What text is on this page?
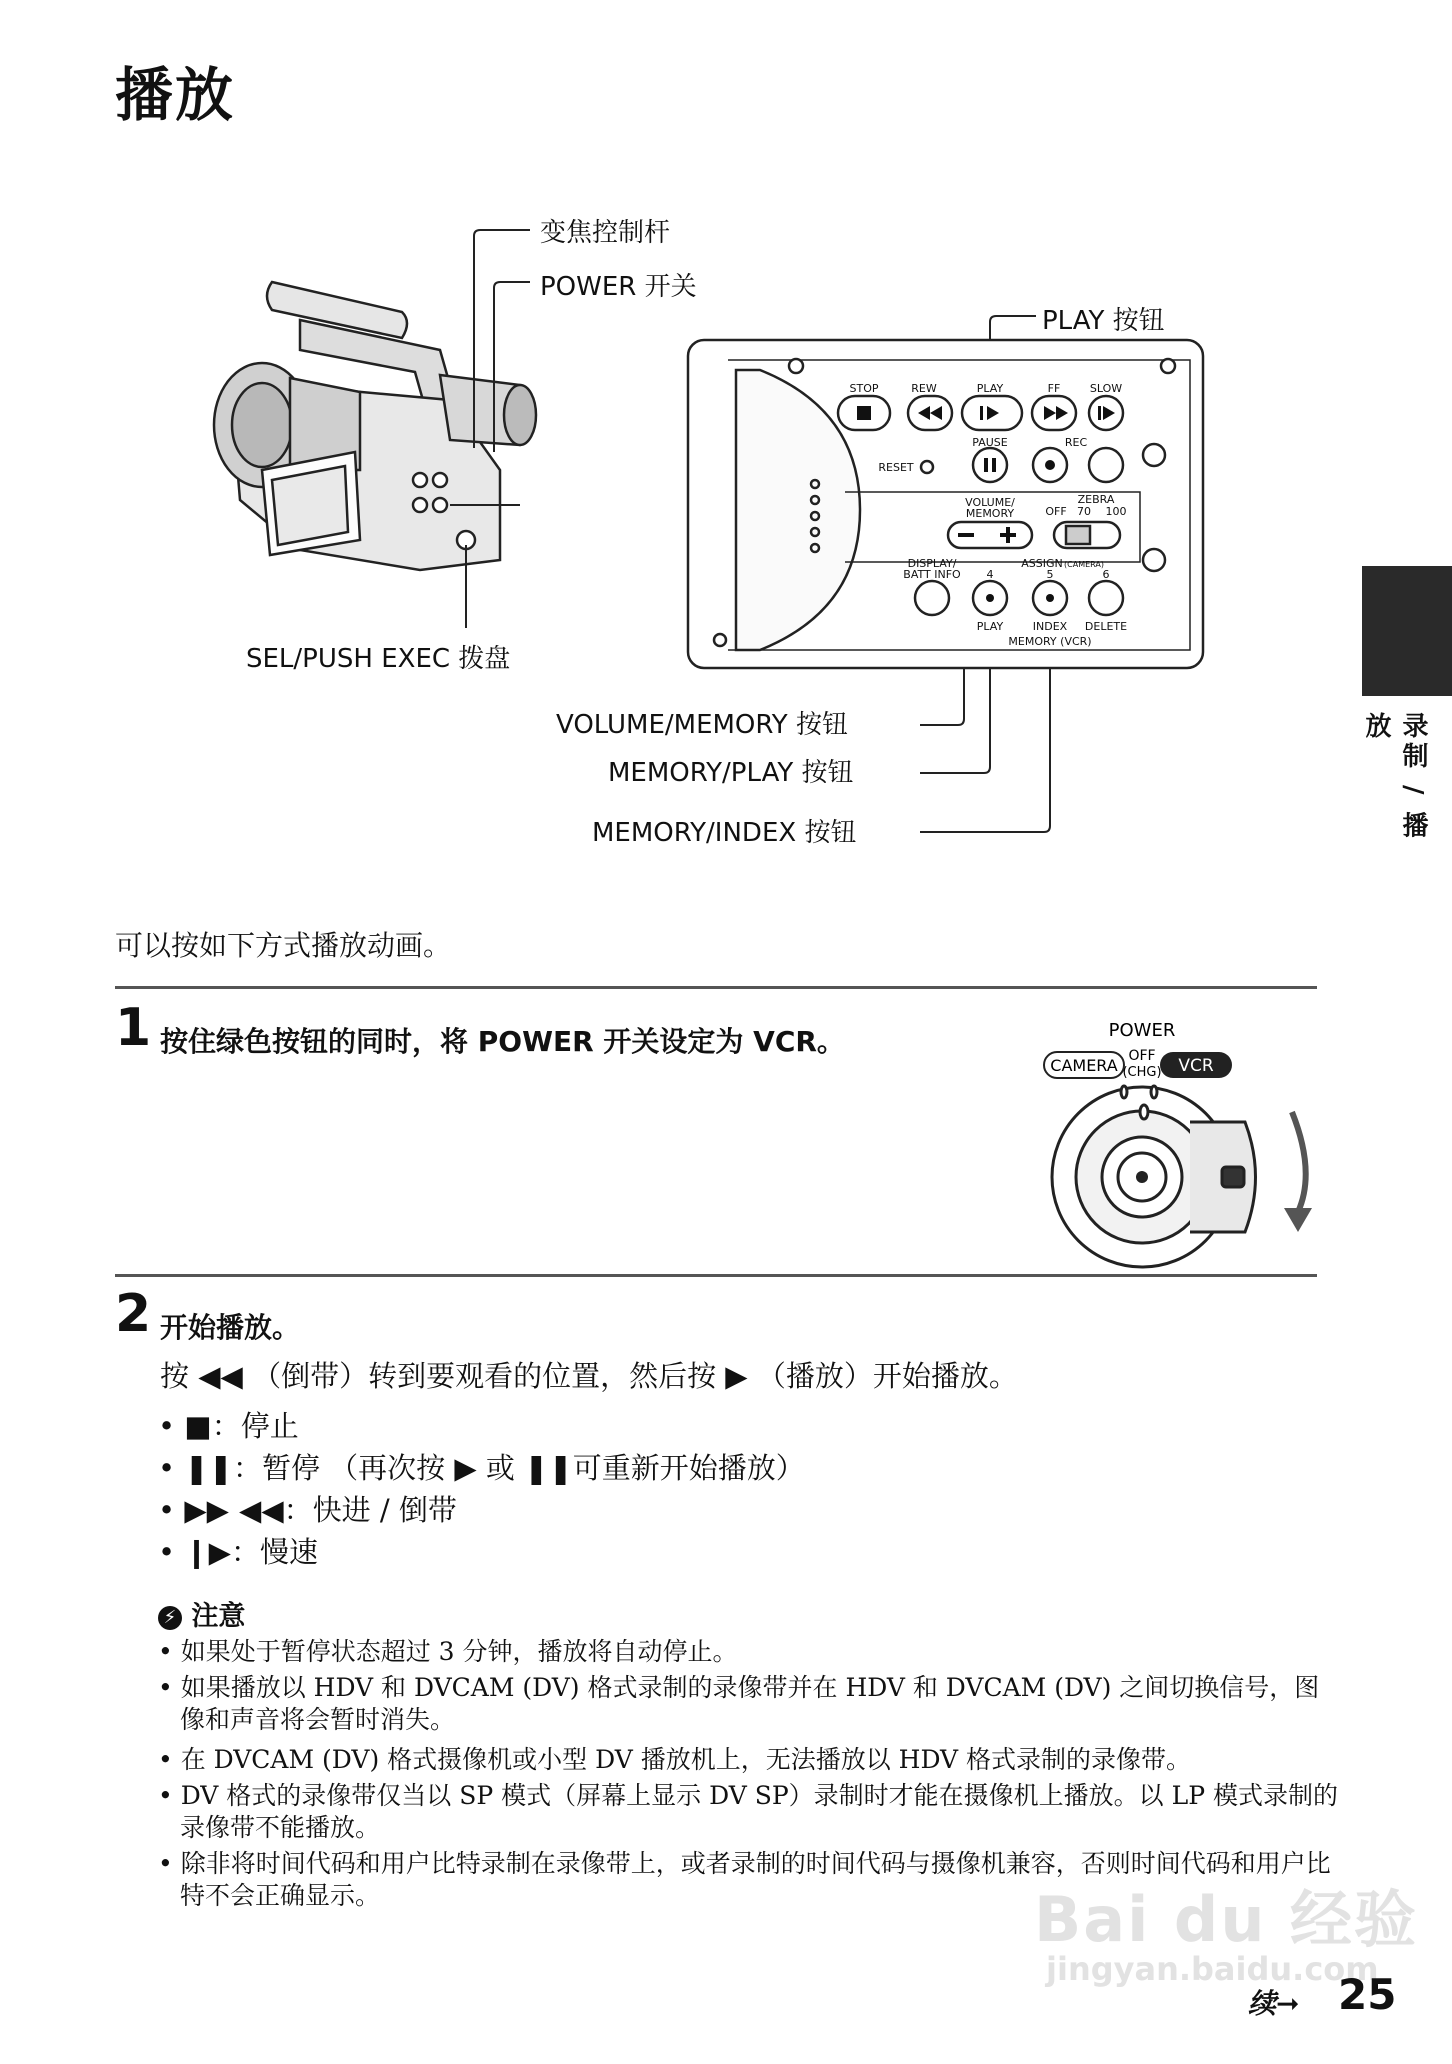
播放
录制 / 播放
变焦控制杆
POWER 开关
PLAY 按钮
SEL/PUSH EXEC 拨盘
VOLUME/MEMORY 按钮
MEMORY/PLAY 按钮
MEMORY/INDEX 按钮
STOP	REW	PLAY	FF	SLOW
PAUSE	REC
RESET
VOLUME/
MEMORY
ZEBRA
OFF 70 100
DISPLAY/
BATT INFO
ASSIGN (CAMERA)
4	5	6
PLAY	INDEX DELETE
MEMORY (VCR)
可以按如下方式播放动画。
1 按住绿色按钮的同时，将 POWER 开关设定为 VCR。	POWER
CAMERA OFF
(CHG) VCR
2 开始播放。
按 ◀◀ （倒带）转到要观看的位置，然后按 ▶ （播放）开始播放。
• ■：停止
• ❚❚：暂停 （再次按 ▶ 或 ❚❚可重新开始播放）
• ▶▶ ◀◀：快进 / 倒带
• ❙▶：慢速
⚡ 注意
• 如果处于暂停状态超过 3 分钟，播放将自动停止。
• 如果播放以 HDV 和 DVCAM (DV) 格式录制的录像带并在 HDV 和 DVCAM (DV) 之间切换信号，图像和声音将会暂时消失。
• 在 DVCAM (DV) 格式摄像机或小型 DV 播放机上，无法播放以 HDV 格式录制的录像带。
• DV 格式的录像带仅当以 SP 模式（屏幕上显示 DV SP）录制时才能在摄像机上播放。以 LP 模式录制的录像带不能播放。
• 除非将时间代码和用户比特录制在录像带上，或者录制的时间代码与摄像机兼容，否则时间代码和用户比特不会正确显示。	Bai du 经验
jingyan.baidu.com
续➞ 25
